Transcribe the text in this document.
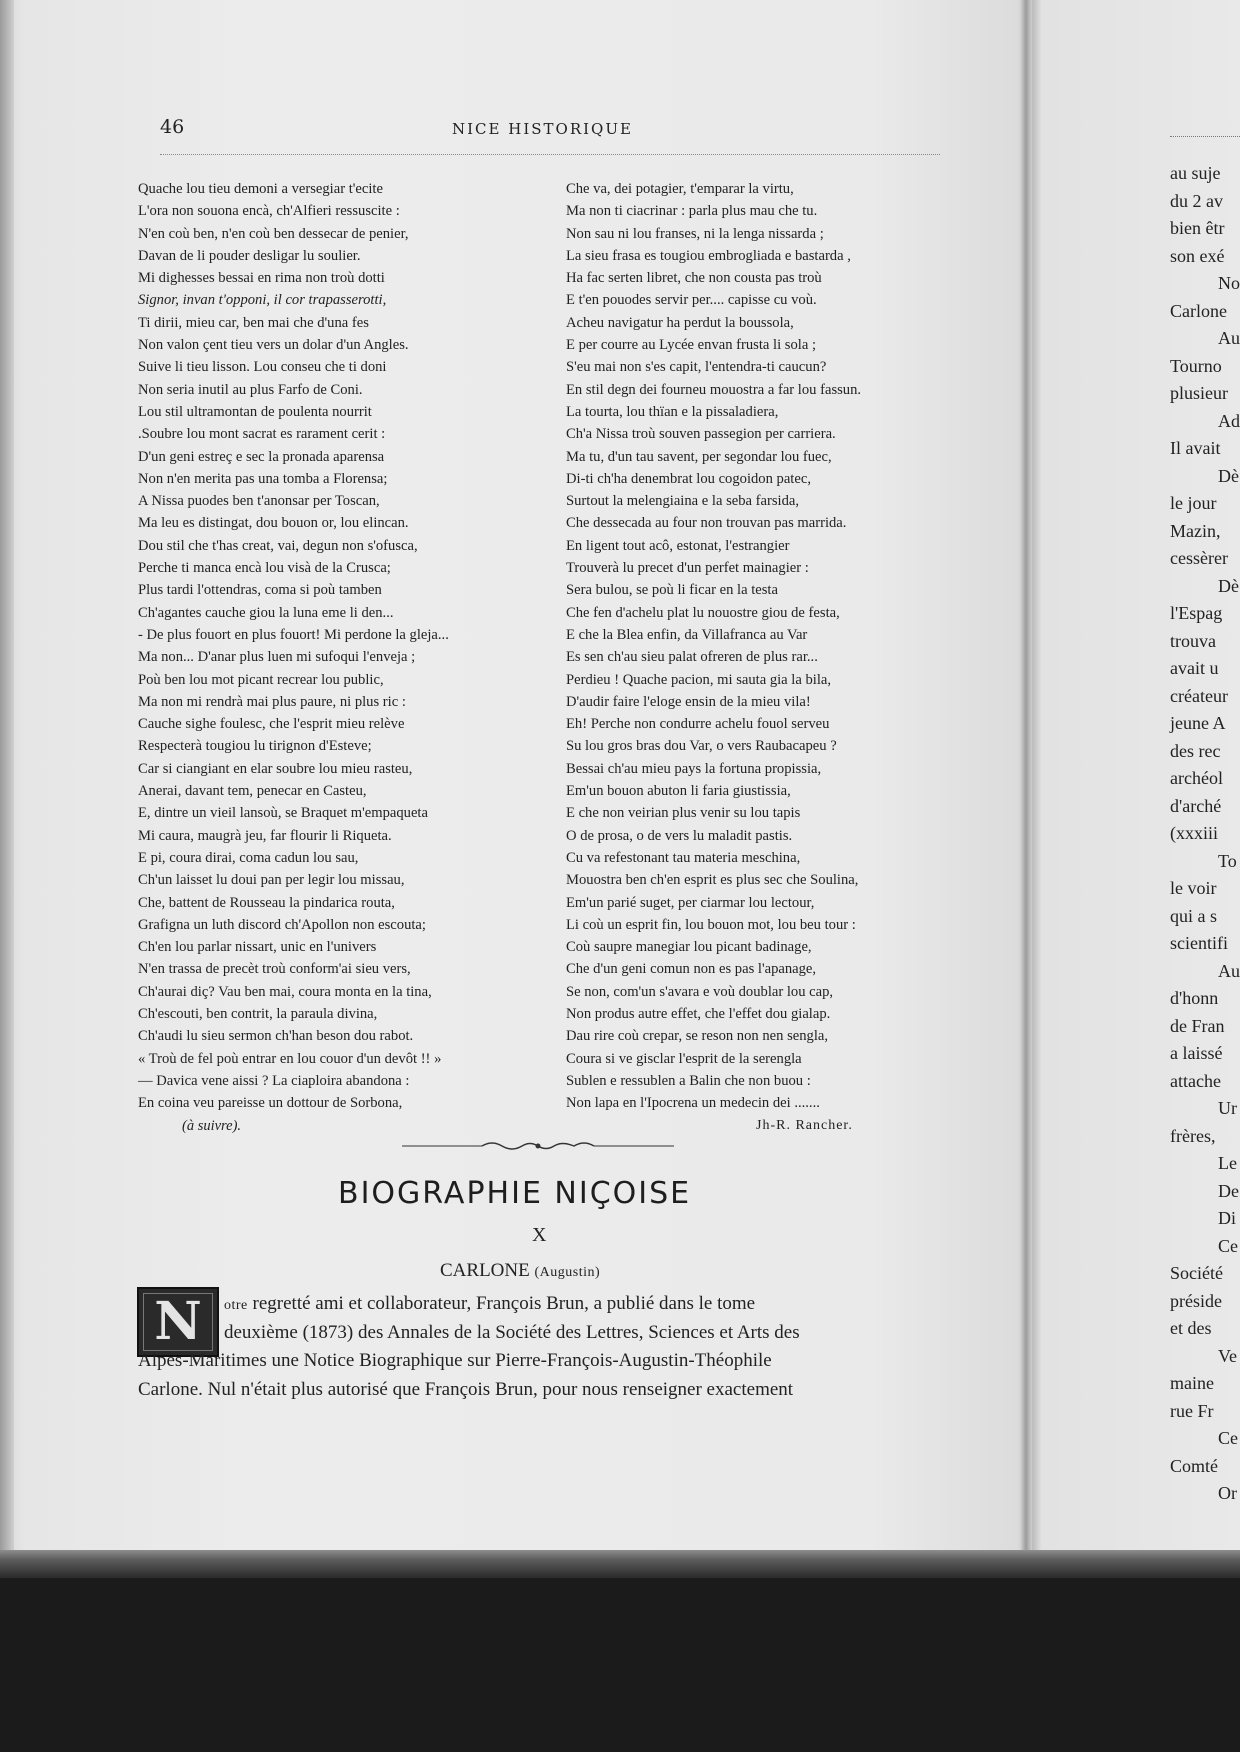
46	NICE HISTORIQUE
Quache lou tieu demoni a versegiar t'ecite
L'ora non souona encà, ch'Alfieri ressuscite :
N'en coù ben, n'en coù ben dessecar de penier,
Davan de li pouder desligar lu soulier.
Mi dighesses bessai en rima non troù dotti
Signor, invan t'opponi, il cor trapasserotti,
Ti dirii, mieu car, ben mai che d'una fes
Non valon çent tieu vers un dolar d'un Angles.
Suive li tieu lisson. Lou conseu che ti doni
Non seria inutil au plus Farfo de Coni.
Lou stil ultramontan de poulenta nourrit
.Soubre lou mont sacrat es rarament cerit :
D'un geni estreç e sec la pronada aparensa
Non n'en merita pas una tomba a Florensa;
A Nissa puodes ben t'anonsar per Toscan,
Ma leu es distingat, dou bouon or, lou elincan.
Dou stil che t'has creat, vai, degun non s'ofusca,
Perche ti manca encà lou visà de la Crusca;
Plus tardi l'ottendras, coma si poù tamben
Ch'agantes cauche giou la luna eme li den...
- De plus fouort en plus fouort! Mi perdone la gleja...
Ma non... D'anar plus luen mi sufoqui l'enveja ;
Poù ben lou mot picant recrear lou public,
Ma non mi rendrà mai plus paure, ni plus ric :
Cauche sighe foulesc, che l'esprit mieu relève
Respecterà tougiou lu tirignon d'Esteve;
Car si ciangiant en elar soubre lou mieu rasteu,
Anerai, davant tem, penecar en Casteu,
E, dintre un vieil lansoù, se Braquet m'empaqueta
Mi caura, maugrà jeu, far flourir li Riqueta.
E pi, coura dirai, coma cadun lou sau,
Ch'un laisset lu doui pan per legir lou missau,
Che, battent de Rousseau la pindarica routa,
Grafigna un luth discord ch'Apollon non escouta;
Ch'en lou parlar nissart, unic en l'univers
N'en trassa de precèt troù conform'ai sieu vers,
Ch'aurai diç? Vau ben mai, coura monta en la tina,
Ch'escouti, ben contrit, la paraula divina,
Ch'audi lu sieu sermon ch'han beson dou rabot.
« Troù de fel poù entrar en lou couor d'un devôt !! »
— Davica vene aissi ? La ciaploira abandona :
En coina veu pareisse un dottour de Sorbona,
Che va, dei potagier, t'emparar la virtu,
Ma non ti ciacrinar : parla plus mau che tu.
Non sau ni lou franses, ni la lenga nissarda ;
La sieu frasa es tougiou embrogliada e bastarda ,
Ha fac serten libret, che non cousta pas troù
E t'en pouodes servir per.... capisse cu voù.
Acheu navigatur ha perdut la boussola,
E per courre au Lycée envan frusta li sola ;
S'eu mai non s'es capit, l'entendra-ti caucun?
En stil degn dei fourneu mouostra a far lou fassun.
La tourta, lou thïan e la pissaladiera,
Ch'a Nissa troù souven passegion per carriera.
Ma tu, d'un tau savent, per segondar lou fuec,
Di-ti ch'ha denembrat lou cogoidon patec,
Surtout la melengiaina e la seba farsida,
Che dessecada au four non trouvan pas marrida.
En ligent tout acô, estonat, l'estrangier
Trouverà lu precet d'un perfet mainagier :
Sera bulou, se poù li ficar en la testa
Che fen d'achelu plat lu nouostre giou de festa,
E che la Blea enfin, da Villafranca au Var
Es sen ch'au sieu palat ofreren de plus rar...
Perdieu ! Quache pacion, mi sauta gia la bila,
D'audir faire l'eloge ensin de la mieu vila!
Eh! Perche non condurre achelu fouol serveu
Su lou gros bras dou Var, o vers Raubacapeu ?
Bessai ch'au mieu pays la fortuna propissia,
Em'un bouon abuton li faria giustissia,
E che non veirian plus venir su lou tapis
O de prosa, o de vers lu maladit pastis.
Cu va refestonant tau materia meschina,
Mouostra ben ch'en esprit es plus sec che Soulina,
Em'un parié suget, per ciarmar lou lectour,
Li coù un esprit fin, lou bouon mot, lou beu tour :
Coù saupre manegiar lou picant badinage,
Che d'un geni comun non es pas l'apanage,
Se non, com'un s'avara e voù doublar lou cap,
Non produs autre effet, che l'effet dou gialap.
Dau rire coù crepar, se reson non nen sengla,
Coura si ve gisclar l'esprit de la serengla
Sublen e ressublen a Balin che non buou :
Non lapa en l'Ipocrena un medecin dei .......
(à suivre).	Jh-R. Rancher.
BIOGRAPHIE NIÇOISE
X
CARLONE (Augustin)
N	otre regretté ami et collaborateur, François Brun, a publié dans le tome
deuxième (1873) des Annales de la Société des Lettres, Sciences et Arts des
Alpes-Maritimes une Notice Biographique sur Pierre-François-Augustin-Théophile
Carlone. Nul n'était plus autorisé que François Brun, pour nous renseigner exactement
au suje
du 2 av
bien êtr
son exé
No
Carlone
Au
Tourno
plusieur
Ad
Il avait
Dè
le jour
Mazin,
cessèrer
Dè
l'Espag
trouva
avait u
créateur
jeune A
des rec
archéol
d'arché
(xxxiii
To
le voir
qui a s
scientifi
Au
d'honn
de Fran
a laissé
attache
Ur
frères,
Le
De
Di
Ce
Société
préside
et des
Ve
maine
rue Fr
Ce
Comté
Or
